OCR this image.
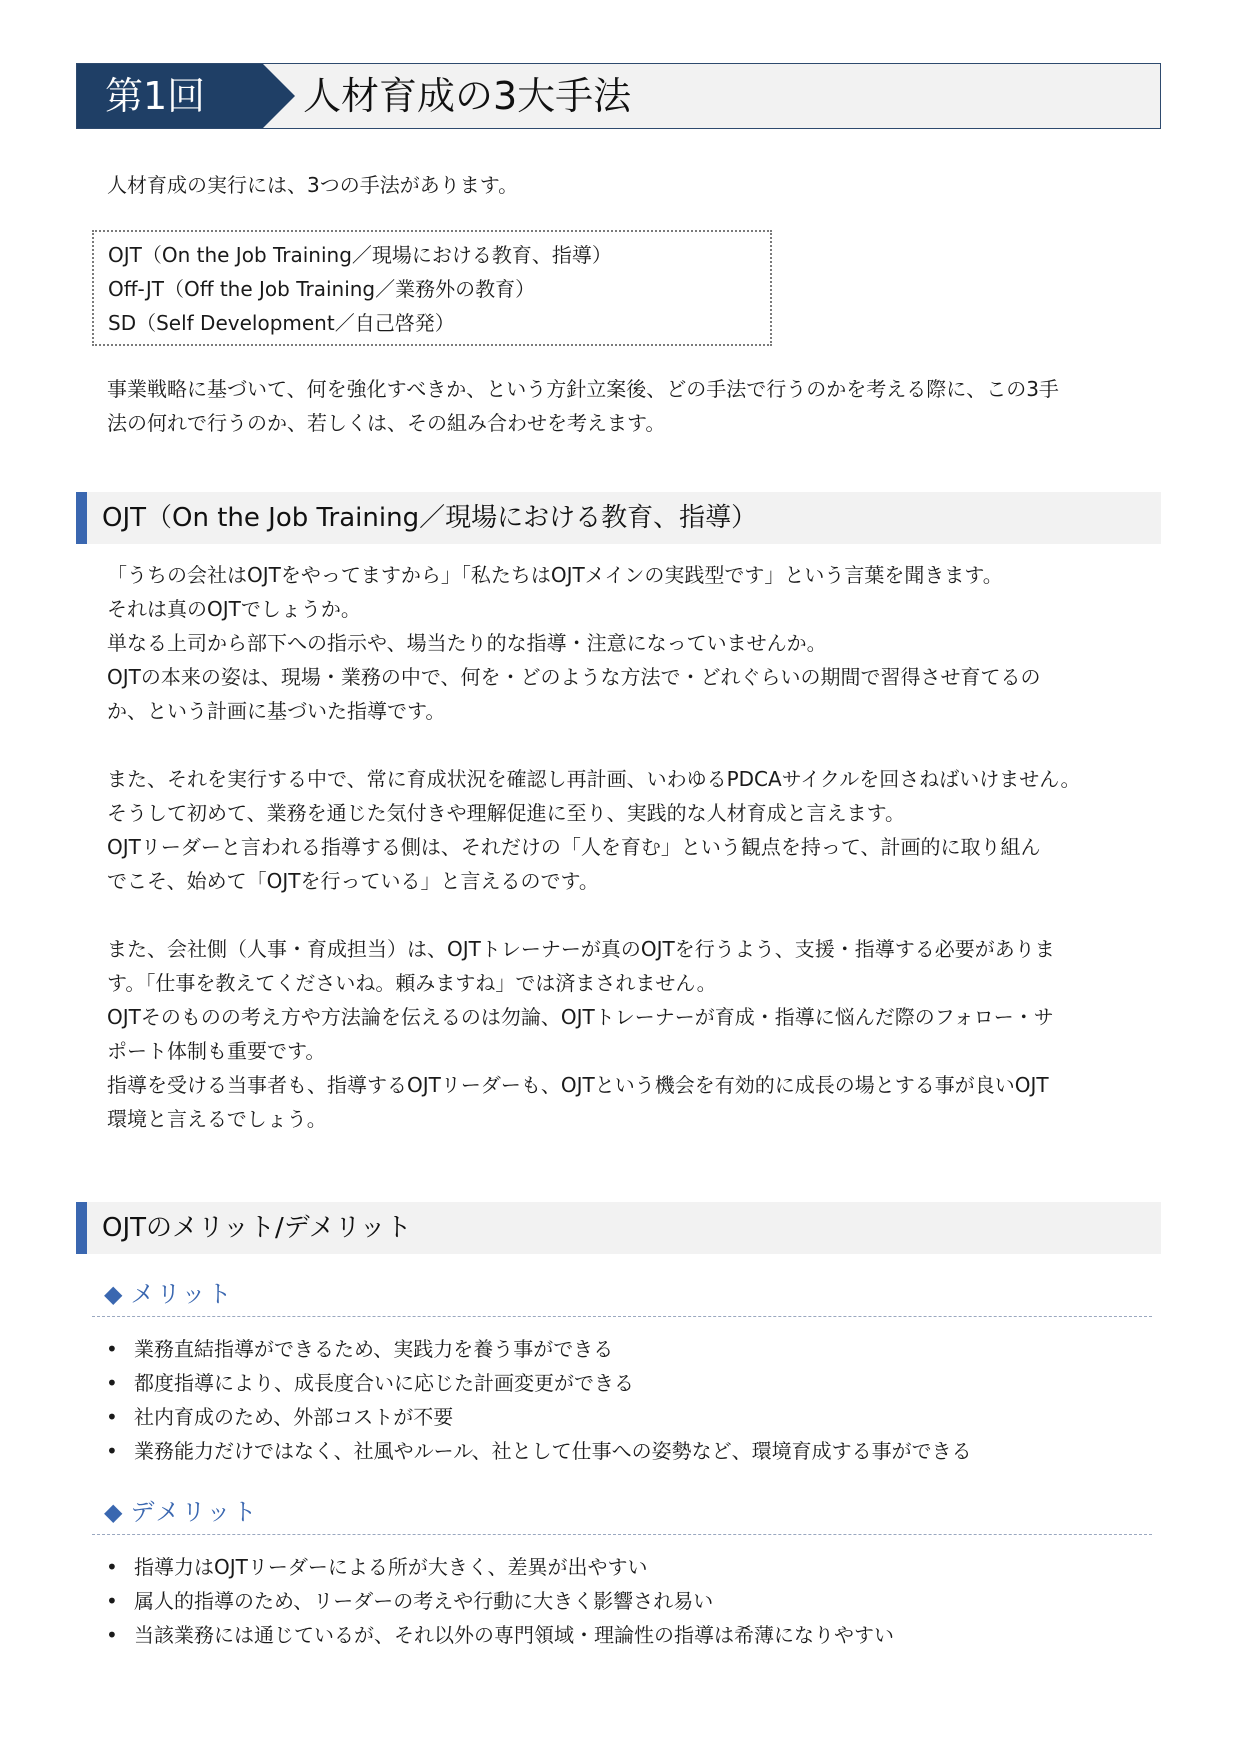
第1回	人材育成の3大手法

人材育成の実行には、3つの手法があります。

OJT（On the Job Training／現場における教育、指導）
Off-JT（Off the Job Training／業務外の教育）
SD（Self Development／自己啓発）

事業戦略に基づいて、何を強化すべきか、という方針立案後、どの手法で行うのかを考える際に、この3手

法の何れで行うのか、若しくは、その組み合わせを考えます。

OJT（On the Job Training／現場における教育、指導）

「うちの会社はOJTをやってますから」「私たちはOJTメインの実践型です」という言葉を聞きます。

それは真のOJTでしょうか。

単なる上司から部下への指示や、場当たり的な指導・注意になっていませんか。

OJTの本来の姿は、現場・業務の中で、何を・どのような方法で・どれぐらいの期間で習得させ育てるの

か、という計画に基づいた指導です。

また、それを実行する中で、常に育成状況を確認し再計画、いわゆるPDCAサイクルを回さねばいけません。

そうして初めて、業務を通じた気付きや理解促進に至り、実践的な人材育成と言えます。

OJTリーダーと言われる指導する側は、それだけの「人を育む」という観点を持って、計画的に取り組ん

でこそ、始めて「OJTを行っている」と言えるのです。

また、会社側（人事・育成担当）は、OJTトレーナーが真のOJTを行うよう、支援・指導する必要がありま

す。「仕事を教えてくださいね。頼みますね」では済まされません。

OJTそのものの考え方や方法論を伝えるのは勿論、OJTトレーナーが育成・指導に悩んだ際のフォロー・サ

ポート体制も重要です。

指導を受ける当事者も、指導するOJTリーダーも、OJTという機会を有効的に成長の場とする事が良いOJT

環境と言えるでしょう。

OJTのメリット/デメリット
◆ メリット
• 業務直結指導ができるため、実践力を養う事ができる
• 都度指導により、成長度合いに応じた計画変更ができる
• 社内育成のため、外部コストが不要
• 業務能力だけではなく、社風やルール、社として仕事への姿勢など、環境育成する事ができる
◆ デメリット
• 指導力はOJTリーダーによる所が大きく、差異が出やすい
• 属人的指導のため、リーダーの考えや行動に大きく影響され易い
• 当該業務には通じているが、それ以外の専門領域・理論性の指導は希薄になりやすい
